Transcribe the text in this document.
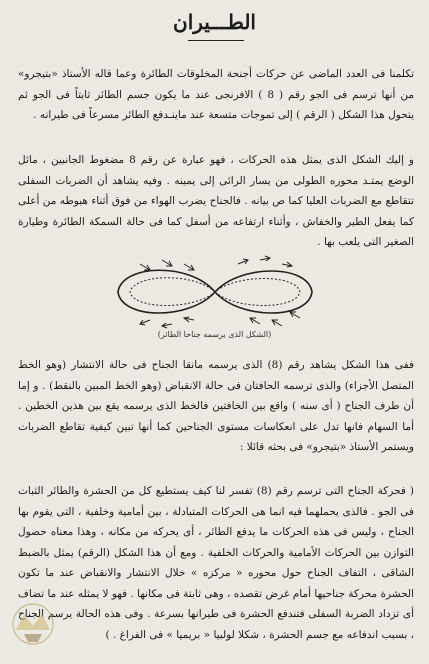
الطـــيران

تكلمنا فى العدد الماضى عن حركات أجنحة المخلوقات الطائرة وعما قاله الأستاذ «بتيجرو» من أنها ترسم فى الجو رقم ( 8 ) الافرنجى عند ما يكون جسم الطائر ثابتاً فى الجو ثم يتحول هذا الشكل ( الرقم ) إلى تموجات متسعة عند ماينـدفع الطائر مسرعاً فى طيرانه .

و إليك الشكل الذى يمثل هذه الحركات ، فهو عبارة عن رقم 8 مضغوط الجانبين ، مائل الوضع يمتـد محوره الطولى من يسار الرائى إلى يمينه . وفيه يشاهد أن الضربات السفلى تتقاطع مع الضربات العليا كما ص بيانه . فالجناح يضرب الهواء من فوق أثناء هبوطه من أعلى كما يفعل الطير والخفاش ، وأثناء ارتفاعه من أسفل كما فى حالة السمكة الطائرة وطيارة الصغير التى يلعب بها .

(الشكل الذى يرسمه جناحا الطائر)

ففى هذا الشكل يشاهد رقم (8) الذى يرسمه مانقا الجناح فى حالة الانتشار (وهو الخط المتصل الأجزاء) والذى ترسمه الحافتان فى حالة الانقباض (وهو الخط المبين بالنقط) . و إما أن طرف الجناح ( أى سنه ) واقع بين الخافتين فالخط الذى يرسمه يقع بين هذين الخطين . أما السهام فانها تدل على انعكاسات مستوى الجناحين كما أنها تبين كيفية تقاطع الضربات ويستمر الأستاذ «بتيجرو» فى بحثه قائلا :

( فحركة الجناح التى ترسم رقم (8) تفسر لنا كيف يستطيع كل من الحشرة والطائر الثبات فى الجو . فالذى يحملهما فيه انما هى الحركات المتبادلة ، بين أمامية وخلفية ، التى يقوم بها الجناح ، وليس فى هذه الحركات ما يدفع الطائر ، أى يحركه من مكانه ، وهذا معناه حصول التوازن بين الحركات الأمامية والحركات الخلفية . ومع أن هذا الشكل (الرقم) يمثل بالضبط الشاقى ، التفاف الجناح حول محوره « مركزه » خلال الانتشار والانقباض عند ما تكون الحشرة محركة جناحيها أمام غرض تقصده ، وهى ثابتة فى مكانها . فهو لا يمثله عند ما تضاف أى تزداد الضربة السفلى فتندفع الحشرة فى طيرانها بسرعة . وفى هذه الحالة يرسم الجناح ، بسبب اندفاعه مع جسم الحشرة ، شكلا لولبيا « بريميا » فى الفراغ . )
